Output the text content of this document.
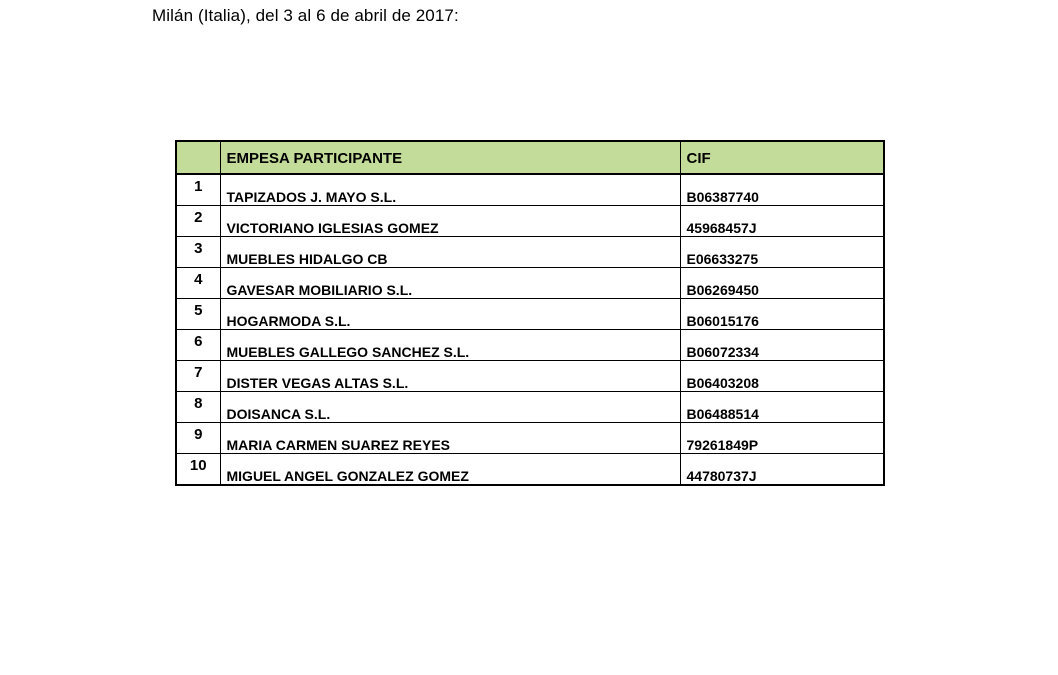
Milán (Italia), del 3 al 6 de abril de 2017:
	EMPESA PARTICIPANTE	CIF
1	TAPIZADOS J. MAYO S.L.	B06387740
2	VICTORIANO IGLESIAS GOMEZ	45968457J
3	MUEBLES HIDALGO CB	E06633275
4	GAVESAR MOBILIARIO S.L.	B06269450
5	HOGARMODA S.L.	B06015176
6	MUEBLES GALLEGO SANCHEZ S.L.	B06072334
7	DISTER VEGAS ALTAS S.L.	B06403208
8	DOISANCA S.L.	B06488514
9	MARIA CARMEN SUAREZ REYES	79261849P
10	MIGUEL ANGEL GONZALEZ GOMEZ	44780737J
